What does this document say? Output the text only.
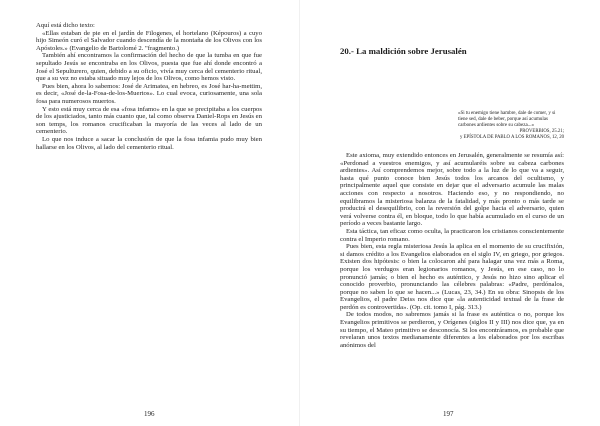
Aquí está dicho texto:

«Ellas estaban de pie en el jardín de Filogenes, el hortelano (Képouros) a cuyo hijo Simeón curó el Salvador cuando descendía de la montaña de los Olivos con los Apóstoles.» (Evangelio de Bartolomé 2. "fragmento.)

También ahí encontramos la confirmación del hecho de que la tumba en que fue sepultado Jesús se encontraba en los Olivos, puesta que fue ahí donde encontró a José el Sepulturero, quien, debido a su oficio, vivía muy cerca del cementerio ritual, que a su vez no estaba situado muy lejos de los Olivos, como hemos visto.

Pues bien, ahora lo sabemos: José de Arimatea, en hebreo, es José har-ha-mettim, es decir, «José de-la-Fosa-de-los-Muertos». Lo cual evoca, curiosamente, una sola fosa para numerosos muertos.

Y esto está muy cerca de esa «fosa infamo» en la que se precipitaba a los cuerpos de los ajusticiados, tanto más cuanto que, tal como observa Daniel-Rops en Jesús en son temps, los romanos crucificaban la mayoría de las veces al lado de un cementerio.

Lo que nos induce a sacar la conclusión de que la fosa infamia pudo muy bien hallarse en los Olivos, al lado del cementerio ritual.

196
20.- La maldición sobre Jerusalén

«Si tu enemigo tiene hambre, dale de comer, y si tiene sed, dale de beber, porque así acumulas carbones ardientes sobre su cabeza...»

PROVERBIOS, 25.21;
y EPÍSTOLA DE PABLO A LOS ROMANOS, 12, 20

Este axioma, muy extendido entonces en Jerusalén, generalmente se resumía así: «Perdonad a vuestros enemigos, y así acumularéis sobre su cabeza carbones ardientes». Así comprendemos mejor, sobre todo a la luz de lo que va a seguir, hasta qué punto conoce bien Jesús todos los arcanos del ocultismo, y principalmente aquel que consiste en dejar que el adversario acumule las malas acciones con respecto a nosotros. Haciendo eso, y no respondiendo, no equilibramos la misteriosa balanza de la fatalidad, y más pronto o más tarde se producirá el desequilibrio, con la reversión del golpe hacia el adversario, quien verá volverse contra él, en bloque, todo lo que había acumulado en el curso de un período a veces bastante largo.

Esta táctica, tan eficaz como oculta, la practicaron los cristianos conscientemente contra el Imperio romano.

Pues bien, esta regla misteriosa Jesús la aplica en el momento de su crucifixión, si damos crédito a los Evangelios elaborados en el siglo IV, en griego, por griegos. Existen dos hipótesis: o bien la colocaron ahí para halagar una vez más a Roma, porque los verdugos eran legionarios romanos, y Jesús, en ese caso, no lo pronunció jamás; o bien el hecho es auténtico, y Jesús no hizo sino aplicar el conocido proverbio, pronunciando las célebres palabras: «Padre, perdónalos, porque no saben lo que se hacen...» (Lucas, 23, 34.) En su obra: Sinopsis de los Evangelios, el padre Deiss nos dice que «la autenticidad textual de la frase de perdón es controvertida». (Op. cit. tomo I, pág. 313.)

De todos modos, no sabremos jamás si la frase es auténtica o no, porque los Evangelios primitivos se perdieron, y Orígenes (siglos II y III) nos dice que, ya en su tiempo, el Mateo primitivo se desconocía. Si los encontráramos, es probable que revelaran unos textos medianamente diferentes a los elaborados por los escribas anónimos del

197
